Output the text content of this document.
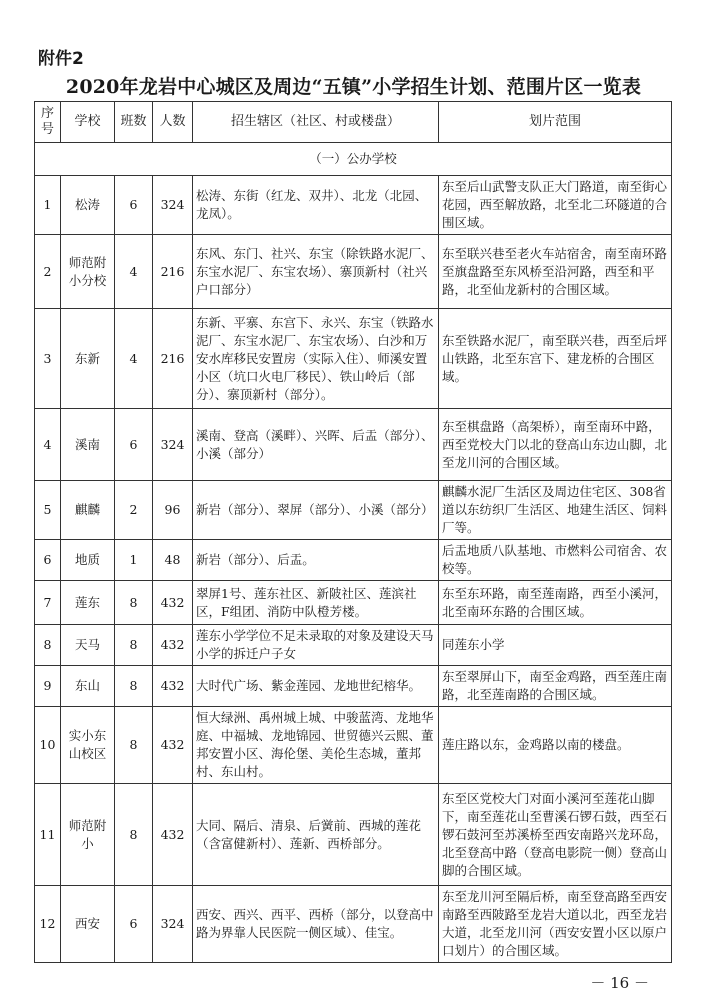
附件2
2020年龙岩中心城区及周边“五镇”小学招生计划、范围片区一览表
序号	学校	班数	人数	招生辖区（社区、村或楼盘）	划片范围
（一）公办学校					
1	松涛	6	324	松涛、东街（红龙、双井）、北龙（北园、龙凤）。	东至后山武警支队正大门路道，南至街心花园，西至解放路，北至北二环隧道的合围区域。
2	师范附小分校	4	216	东风、东门、社兴、东宝（除铁路水泥厂、东宝水泥厂、东宝农场）、寨顶新村（社兴户口部分）	东至联兴巷至老火车站宿舍，南至南环路至旗盘路至东风桥至沿河路，西至和平路，北至仙龙新村的合围区域。
3	东新	4	216	东新、平寨、东宫下、永兴、东宝（铁路水泥厂、东宝水泥厂、东宝农场）、白沙和万安水库移民安置房（实际入住）、师溪安置小区（坑口火电厂移民）、铁山岭后（部分）、寨顶新村（部分）。	东至铁路水泥厂，南至联兴巷，西至后坪山铁路，北至东宫下、建龙桥的合围区域。
4	溪南	6	324	溪南、登高（溪畔）、兴晖、后盂（部分）、小溪（部分）	东至棋盘路（高架桥），南至南环中路，西至党校大门以北的登高山东边山脚，北至龙川河的合围区域。
5	麒麟	2	96	新岩（部分）、翠屏（部分）、小溪（部分）	麒麟水泥厂生活区及周边住宅区、308省道以东纺织厂生活区、地建生活区、饲料厂等。
6	地质	1	48	新岩（部分）、后盂。	后盂地质八队基地、市燃料公司宿舍、农校等。
7	莲东	8	432	翠屏1号、莲东社区、新陂社区、莲滨社区，F组团、消防中队橙芳楼。	东至东环路，南至莲南路，西至小溪河，北至南环东路的合围区域。
8	天马	8	432	莲东小学学位不足未录取的对象及建设天马小学的拆迁户子女	同莲东小学
9	东山	8	432	大时代广场、紫金莲园、龙地世纪榕华。	东至翠屏山下，南至金鸡路，西至莲庄南路，北至莲南路的合围区域。
10	实小东山校区	8	432	恒大绿洲、禹州城上城、中骏蓝湾、龙地华庭、中福城、龙地锦园、世贸德兴云熙、董邦安置小区、海伦堡、美伦生态城，董邦村、东山村。	莲庄路以东，金鸡路以南的楼盘。
11	师范附小	8	432	大同、隔后、清泉、后黉前、西城的莲花（含富健新村）、莲新、西桥部分。	东至区党校大门对面小溪河至莲花山脚下，南至莲花山至曹溪石锣石鼓，西至石锣石鼓河至苏溪桥至西安南路兴龙环岛，北至登高中路（登高电影院一侧）登高山脚的合围区域。
12	西安	6	324	西安、西兴、西平、西桥（部分，以登高中路为界靠人民医院一侧区域）、佳宝。	东至龙川河至隔后桥，南至登高路至西安南路至西陂路至龙岩大道以北，西至龙岩大道，北至龙川河（西安安置小区以原户口划片）的合围区域。
－ 16 －
